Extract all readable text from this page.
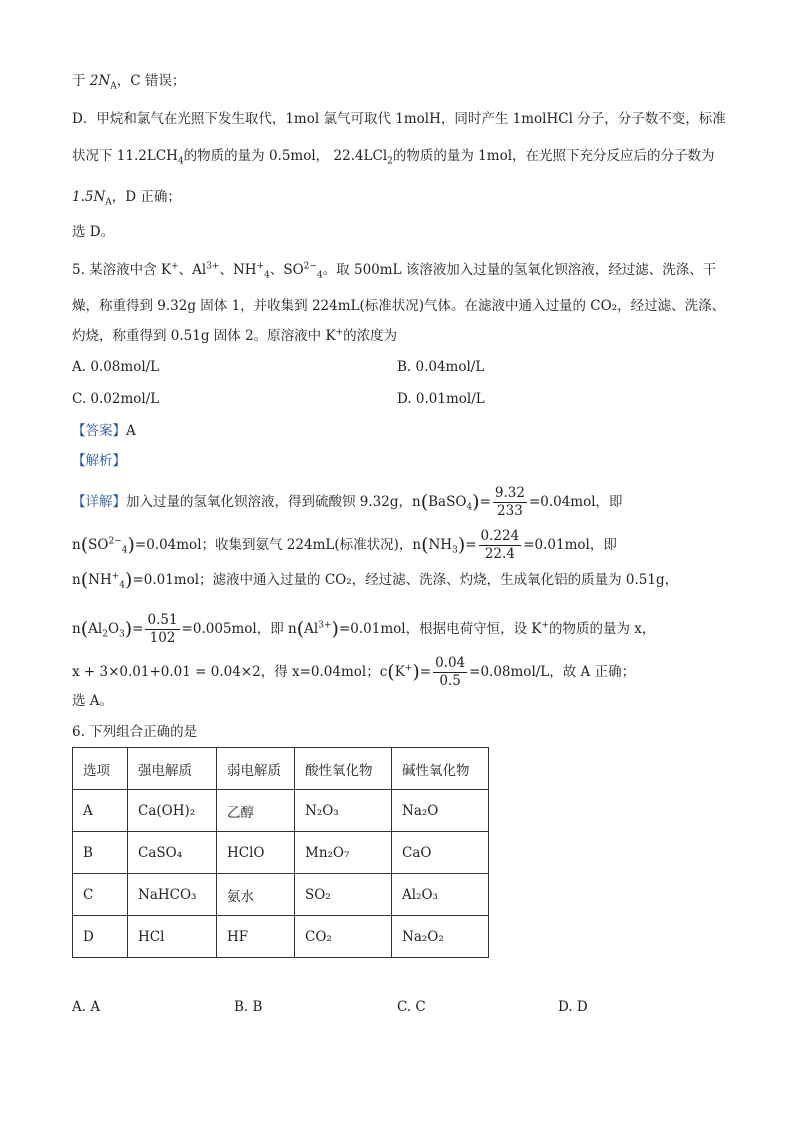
于 $2N_A$，C 错误；
D．甲烷和氯气在光照下发生取代，1mol 氯气可取代 1molH，同时产生 1molHCl 分子，分子数不变，标准
状况下 $11.2LCH_4$的物质的量为 0.5mol， 22.4LCl$_2$的物质的量为 1mol，在光照下充分反应后的分子数为
$1.5N_A$，D 正确；
选 D。
5. 某溶液中含 K+、$Al^{3+}$、$NH^+_4$、$SO^{2-}_4$。取 500mL 该溶液加入过量的氢氧化钡溶液，经过滤、洗涤、干
燥，称重得到 9.32g 固体 1，并收集到 224mL(标准状况)气体。在滤液中通入过量的 CO₂，经过滤、洗涤、
灼烧，称重得到 0.51g 固体 2。原溶液中 K+的浓度为
A. 0.08mol/L	B. 0.04mol/L
C. 0.02mol/L	D. 0.01mol/L
【答案】A
【解析】
【详解】加入过量的氢氧化钡溶液，得到硫酸钡 9.32g，n(BaSO$_4$)= $\frac{9.32}{233} =0.04mol$，即
$n(SO^{2-}_4)=0.04mol$；收集到氨气 224mL(标准状况)，$n(NH_3)= \frac{0.224}{22.4} =0.01mol$，即
$n(NH^+_4)=0.01mol$；滤液中通入过量的 CO₂，经过滤、洗涤、灼烧，生成氧化铝的质量为 0.51g，
$n(Al_2O_3)= \frac{0.51}{102} =0.005mol$，即 $n(Al^{3+})=0.01mol$，根据电荷守恒，设 K+的物质的量为 x，
x + 3×0.01+0.01 = 0.04×2，得 x=0.04mol；$c(K^+)= \frac{0.04}{0.5} =0.08mol/L$，故 A 正确；
选 A。
6. 下列组合正确的是
选项	强电解质	弱电解质	酸性氧化物	碱性氧化物
A	Ca(OH)₂	乙醇	N₂O₃	Na₂O
B	CaSO₄	HClO	Mn₂O₇	CaO
C	NaHCO₃	氨水	SO₂	Al₂O₃
D	HCl	HF	CO₂	Na₂O₂
A. A	B. B	C. C	D. D
